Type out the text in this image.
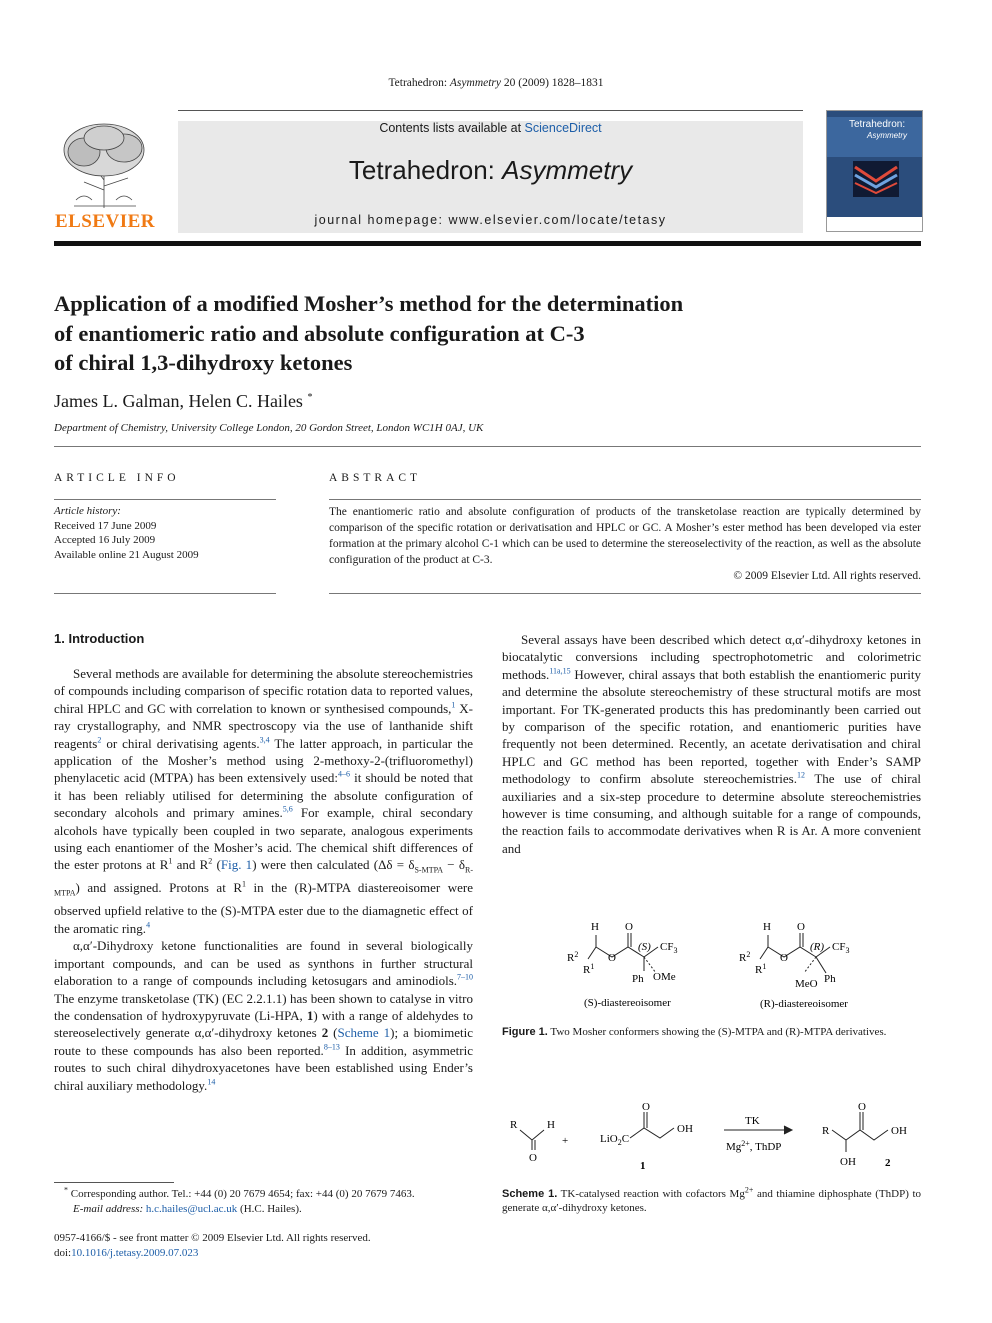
Tetrahedron: Asymmetry 20 (2009) 1828–1831
ELSEVIER
Contents lists available at ScienceDirect
Tetrahedron: Asymmetry
journal homepage: www.elsevier.com/locate/tetasy
Tetrahedron:
Asymmetry
Application of a modified Mosher’s method for the determination
of enantiomeric ratio and absolute configuration at C-3
of chiral 1,3-dihydroxy ketones
James L. Galman, Helen C. Hailes *
Department of Chemistry, University College London, 20 Gordon Street, London WC1H 0AJ, UK
ARTICLE INFO
Article history:
Received 17 June 2009
Accepted 16 July 2009
Available online 21 August 2009
ABSTRACT
The enantiomeric ratio and absolute configuration of products of the transketolase reaction are typically determined by comparison of the specific rotation or derivatisation and HPLC or GC. A Mosher’s ester method has been developed via ester formation at the primary alcohol C-1 which can be used to determine the stereoselectivity of the reaction, as well as the absolute configuration of the product at C-3.
© 2009 Elsevier Ltd. All rights reserved.
1. Introduction

Several methods are available for determining the absolute stereochemistries of compounds including comparison of specific rotation data to reported values, chiral HPLC and GC with correlation to known or synthesised compounds,$^1$ X-ray crystallography, and NMR spectroscopy via the use of lanthanide shift reagents$^2$ or chiral derivatising agents.$^{3,4}$ The latter approach, in particular the application of the Mosher’s method using 2-methoxy-2-(trifluoromethyl) phenylacetic acid (MTPA) has been extensively used:$^{4-6}$ it should be noted that it has been reliably utilised for determining the absolute configuration of secondary alcohols and primary amines.$^{5,6}$ For example, chiral secondary alcohols have typically been coupled in two separate, analogous experiments using each enantiomer of the Mosher’s acid. The chemical shift differences of the ester protons at $R^1$ and $R^2$ (Fig. 1) were then calculated $(\Delta\delta = \delta_{S-MTPA} - \delta_{R-MTPA})$ and assigned. Protons at $R^1$ in the (R)-MTPA diastereoisomer were observed upfield relative to the (S)-MTPA ester due to the diamagnetic effect of the aromatic ring.$^4$

α,α′-Dihydroxy ketone functionalities are found in several biologically important compounds, and can be used as synthons in further structural elaboration to a range of compounds including ketosugars and aminodiols.$^{7-10}$ The enzyme transketolase (TK) (EC 2.2.1.1) has been shown to catalyse in vitro the condensation of hydroxypyruvate (Li-HPA, 1) with a range of aldehydes to stereoselectively generate α,α′-dihydroxy ketones 2 (Scheme 1); a biomimetic route to these compounds has also been reported.$^{8-13}$ In addition, asymmetric routes to such chiral dihydroxyacetones have been established using Ender’s chiral auxiliary methodology.$^{14}$

Several assays have been described which detect α,α′-dihydroxy ketones in biocatalytic conversions including spectrophotometric and colorimetric methods.$^{11a,15}$ However, chiral assays that both establish the enantiomeric purity and determine the absolute stereochemistry of these structural motifs are most important. For TK-generated products this has predominantly been carried out by comparison of the specific rotation, and enantiomeric purities have frequently not been determined. Recently, an acetate derivatisation and chiral HPLC and GC method has been reported, together with Ender’s SAMP methodology to confirm absolute stereochemistries.$^{12}$ The use of chiral auxiliaries and a six-step procedure to determine absolute stereochemistries however is time consuming, and although suitable for a range of compounds, the reaction fails to accommodate derivatives when R is Ar. A more convenient and

H
$R^2$
$R^1$
O
O
(S) $CF_3$
Ph OMe
H
$R^2$
$R^1$
O
O
(R) $CF_3$
MeO Ph
(S)-diastereoisomer	(R)-diastereoisomer
Figure 1. Two Mosher conformers showing the (S)-MTPA and (R)-MTPA derivatives.
R	H
O
+	LiO$_2$C
O
OH
1
TK
$Mg^{2+}$, ThDP
R
O
OH
OH	2
Scheme 1. TK-catalysed reaction with cofactors $Mg^{2+}$ and thiamine diphosphate (ThDP) to generate α,α′-dihydroxy ketones.
* Corresponding author. Tel.: +44 (0) 20 7679 4654; fax: +44 (0) 20 7679 7463.
E-mail address: h.c.hailes@ucl.ac.uk (H.C. Hailes).
0957-4166/$ - see front matter © 2009 Elsevier Ltd. All rights reserved.
doi:10.1016/j.tetasy.2009.07.023
